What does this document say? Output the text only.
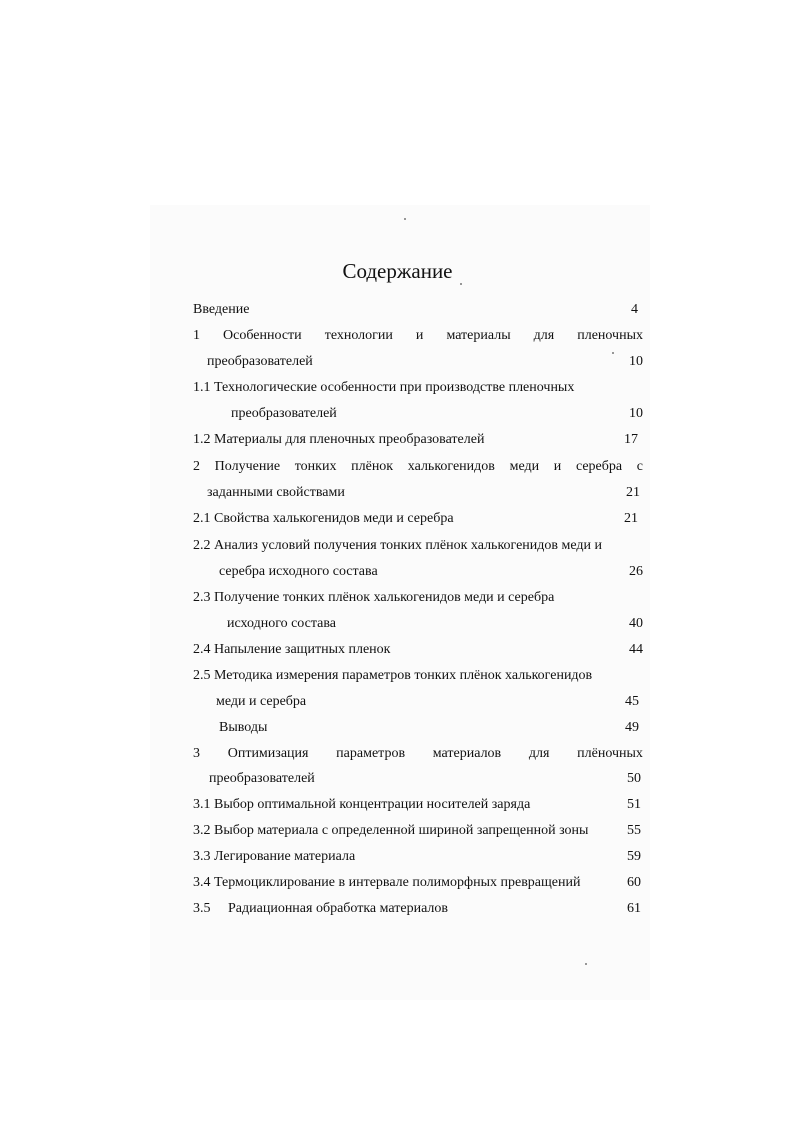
Содержание
Введение	4
1 Особенности технологии и материалы для пленочных
преобразователей	10
1.1 Технологические особенности при производстве пленочных
преобразователей	10
1.2 Материалы для пленочных преобразователей	17
2 Получение тонких плёнок халькогенидов меди и серебра с
заданными свойствами	21
2.1 Свойства халькогенидов меди и серебра	21
2.2 Анализ условий получения тонких плёнок халькогенидов меди и
серебра исходного состава	26
2.3 Получение тонких плёнок халькогенидов меди и серебра
исходного состава	40
2.4 Напыление защитных пленок	44
2.5 Методика измерения параметров тонких плёнок халькогенидов
меди и серебра	45
Выводы	49
3 Оптимизация параметров материалов для плёночных
преобразователей	50
3.1 Выбор оптимальной концентрации носителей заряда	51
3.2 Выбор материала с определенной шириной запрещенной зоны	55
3.3 Легирование материала	59
3.4 Термоциклирование в интервале полиморфных превращений	60
3.5 Радиационная обработка материалов	61
